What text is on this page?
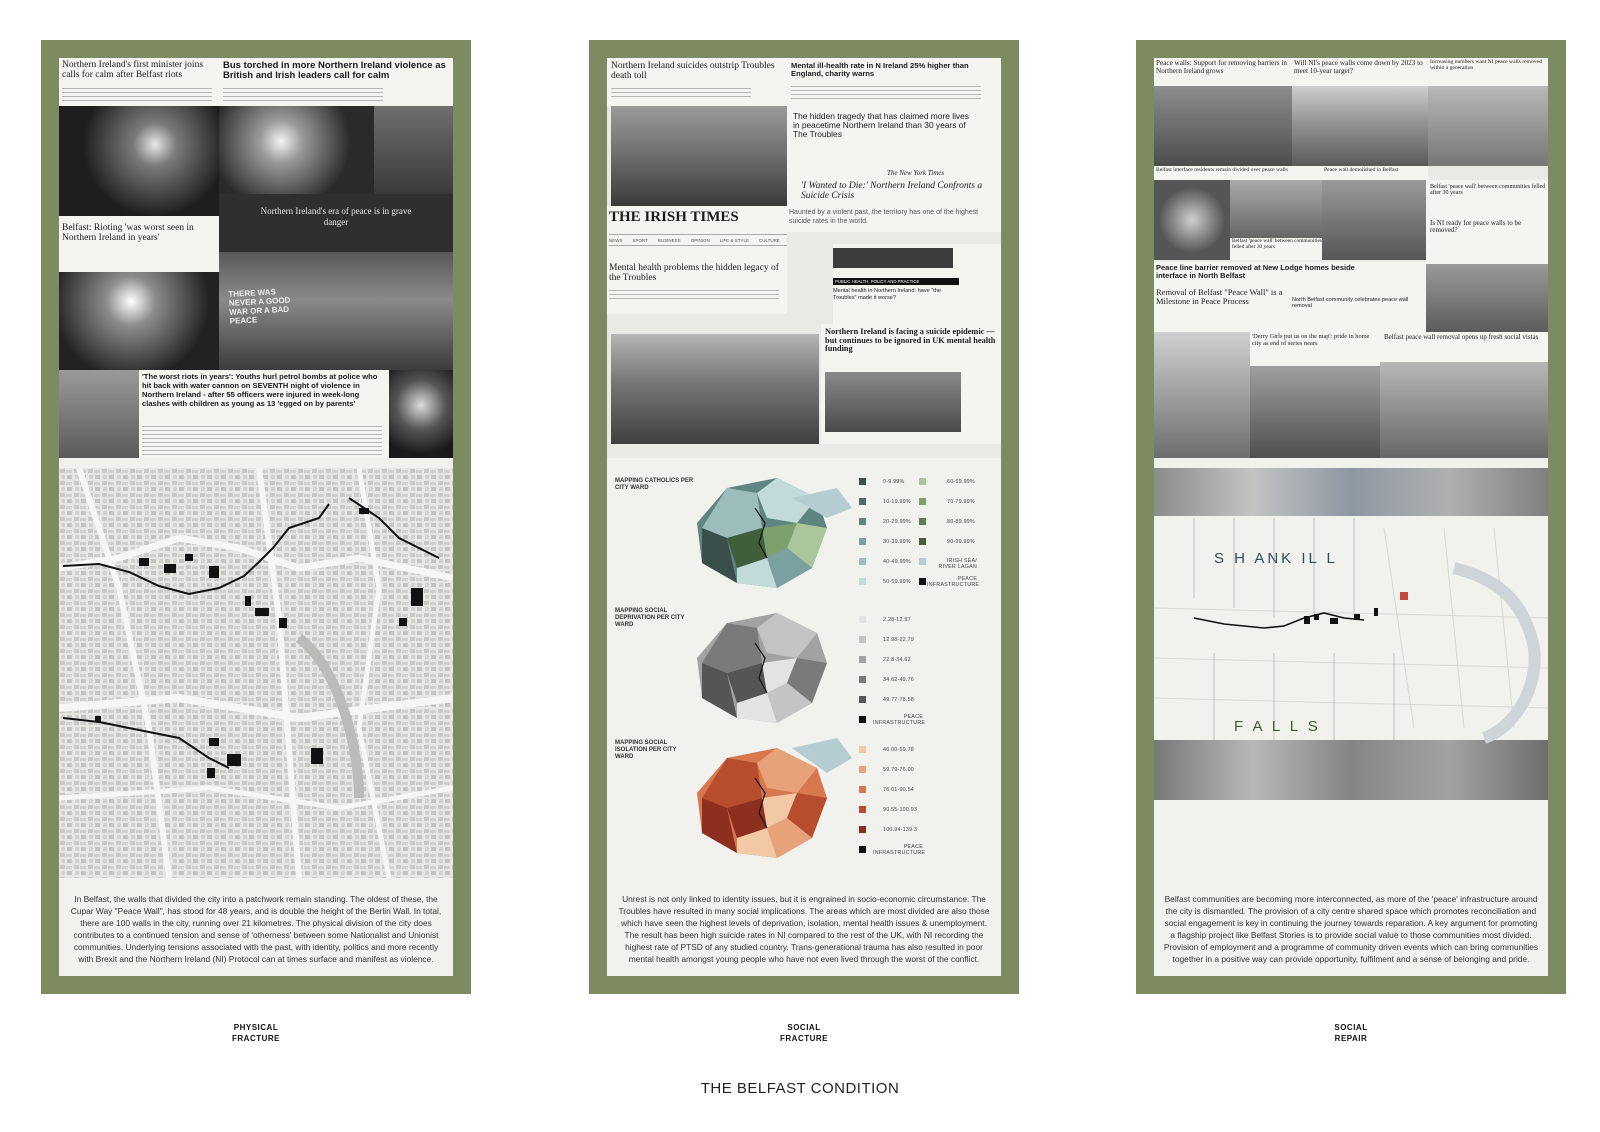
Northern Ireland's first minister joins calls for calm after Belfast riots
Bus torched in more Northern Ireland violence as British and Irish leaders call for calm
Belfast: Rioting 'was worst seen in Northern Ireland in years'
Northern Ireland's era of peace is in grave danger
THERE WAS NEVER A GOOD WAR OR A BAD PEACE
'The worst riots in years': Youths hurl petrol bombs at police who hit back with water cannon on SEVENTH night of violence in Northern Ireland - after 55 officers were injured in week-long clashes with children as young as 13 'egged on by parents'
In Belfast, the walls that divided the city into a patchwork remain standing. The oldest of these, the Cupar Way "Peace Wall", has stood for 48 years, and is double the height of the Berlin Wall. In total, there are 100 walls in the city, running over 21 kilometres. The physical division of the city does contributes to a continued tension and sense of 'otherness' between some Nationalist and Unionist communities. Underlying tensions associated with the past, with identity, politics and more recently with Brexit and the Northern Ireland (NI) Protocol can at times surface and manifest as violence.
Northern Ireland suicides outstrip Troubles death toll
Mental ill-health rate in N Ireland 25% higher than England, charity warns
The hidden tragedy that has claimed more lives in peacetime Northern Ireland than 30 years of The Troubles
The New York Times
'I Wanted to Die:' Northern Ireland Confronts a Suicide Crisis
Haunted by a violent past, the territory has one of the highest suicide rates in the world.
THE IRISH TIMES
NEWS SPORT BUSINESS OPINION LIFE & STYLE CULTURE
Mental health problems the hidden legacy of the Troubles	PUBLIC HEALTH, POLICY AND PRACTICE
Mental health in Northern Ireland: have "the Troubles" made it worse?
Northern Ireland is facing a suicide epidemic — but continues to be ignored in UK mental health funding
MAPPING CATHOLICS PER CITY WARD
MAPPING SOCIAL DEPRIVATION PER CITY WARD
MAPPING SOCIAL ISOLATION PER CITY WARD
0-9.99%
10-19.99%
20-29.99%
30-39.99%
40-49.99%
50-59.99%
60-69.99%
70-79.99%
80-89.99%
90-99.99%
IRISH SEA/ RIVER LAGAN
PEACE INFRASTRUCTURE
2.28-12.97
12.98-22.79
22.8-34.62
34.62-49.76
49.77-78.58
PEACE INFRASTRUCTURE
46.00-59.78
59.79-76.00
76.01-90.54
90.55-100.93
100.94-139.3
PEACE INFRASTRUCTURE
Unrest is not only linked to identity issues, but it is engrained in socio-economic circumstance. The Troubles have resulted in many social implications. The areas which are most divided are also those which have seen the highest levels of deprivation, isolation, mental health issues & unemployment. The result has been high suicide rates in NI compared to the rest of the UK, with NI recording the highest rate of PTSD of any studied country. Trans-generational trauma has also resulted in poor mental health amongst young people who have not even lived through the worst of the conflict.
Peace walls: Support for removing barriers in Northern Ireland grows
Will NI's peace walls come down by 2023 to meet 10-year target?
Increasing numbers want NI peace walls removed within a generation
Belfast interface residents remain divided over peace walls	Peace wall demolished in Belfast
Belfast 'peace wall' between communities felled after 30 years
Belfast 'peace wall' between communities felled after 30 years
Is NI ready for peace walls to be removed?
Peace line barrier removed at New Lodge homes beside interface in North Belfast
Removal of Belfast "Peace Wall" is a Milestone in Peace Process	North Belfast community celebrates peace wall removal
'Derry Girls put us on the map': pride in home city as end of series nears
Belfast peace wall removal opens up fresh social vistas
S H ANK IL L
F A L L S
Belfast communities are becoming more interconnected, as more of the 'peace' infrastructure around the city is dismantled. The provision of a city centre shared space which promotes reconciliation and social engagement is key in continuing the journey towards reparation. A key argument for promoting a flagship project like Belfast Stories is to provide social value to those communities most divided. Provision of employment and a programme of community driven events which can bring communities together in a positive way can provide opportunity, fulfilment and a sense of belonging and pride.
PHYSICAL
FRACTURE
SOCIAL
FRACTURE
SOCIAL
REPAIR
THE BELFAST CONDITION
